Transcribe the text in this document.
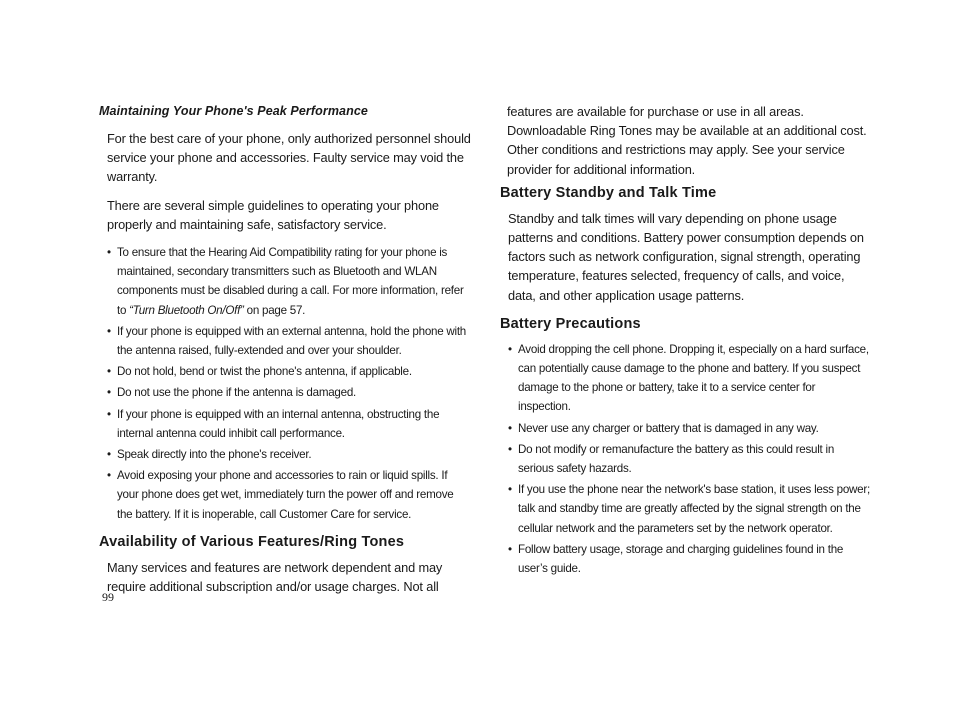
Maintaining Your Phone's Peak Performance

For the best care of your phone, only authorized personnel should service your phone and accessories. Faulty service may void the warranty.

There are several simple guidelines to operating your phone properly and maintaining safe, satisfactory service.

• To ensure that the Hearing Aid Compatibility rating for your phone is maintained, secondary transmitters such as Bluetooth and WLAN components must be disabled during a call. For more information, refer to “Turn Bluetooth On/Off” on page 57.
• If your phone is equipped with an external antenna, hold the phone with the antenna raised, fully-extended and over your shoulder.
• Do not hold, bend or twist the phone's antenna, if applicable.
• Do not use the phone if the antenna is damaged.
• If your phone is equipped with an internal antenna, obstructing the internal antenna could inhibit call performance.
• Speak directly into the phone's receiver.
• Avoid exposing your phone and accessories to rain or liquid spills. If your phone does get wet, immediately turn the power off and remove the battery. If it is inoperable, call Customer Care for service.
Availability of Various Features/Ring Tones

Many services and features are network dependent and may require additional subscription and/or usage charges. Not all

features are available for purchase or use in all areas. Downloadable Ring Tones may be available at an additional cost. Other conditions and restrictions may apply. See your service provider for additional information.

Battery Standby and Talk Time

Standby and talk times will vary depending on phone usage patterns and conditions. Battery power consumption depends on factors such as network configuration, signal strength, operating temperature, features selected, frequency of calls, and voice, data, and other application usage patterns.

Battery Precautions
• Avoid dropping the cell phone. Dropping it, especially on a hard surface, can potentially cause damage to the phone and battery. If you suspect damage to the phone or battery, take it to a service center for inspection.
• Never use any charger or battery that is damaged in any way.
• Do not modify or remanufacture the battery as this could result in serious safety hazards.
• If you use the phone near the network's base station, it uses less power; talk and standby time are greatly affected by the signal strength on the cellular network and the parameters set by the network operator.
• Follow battery usage, storage and charging guidelines found in the user’s guide.
99
